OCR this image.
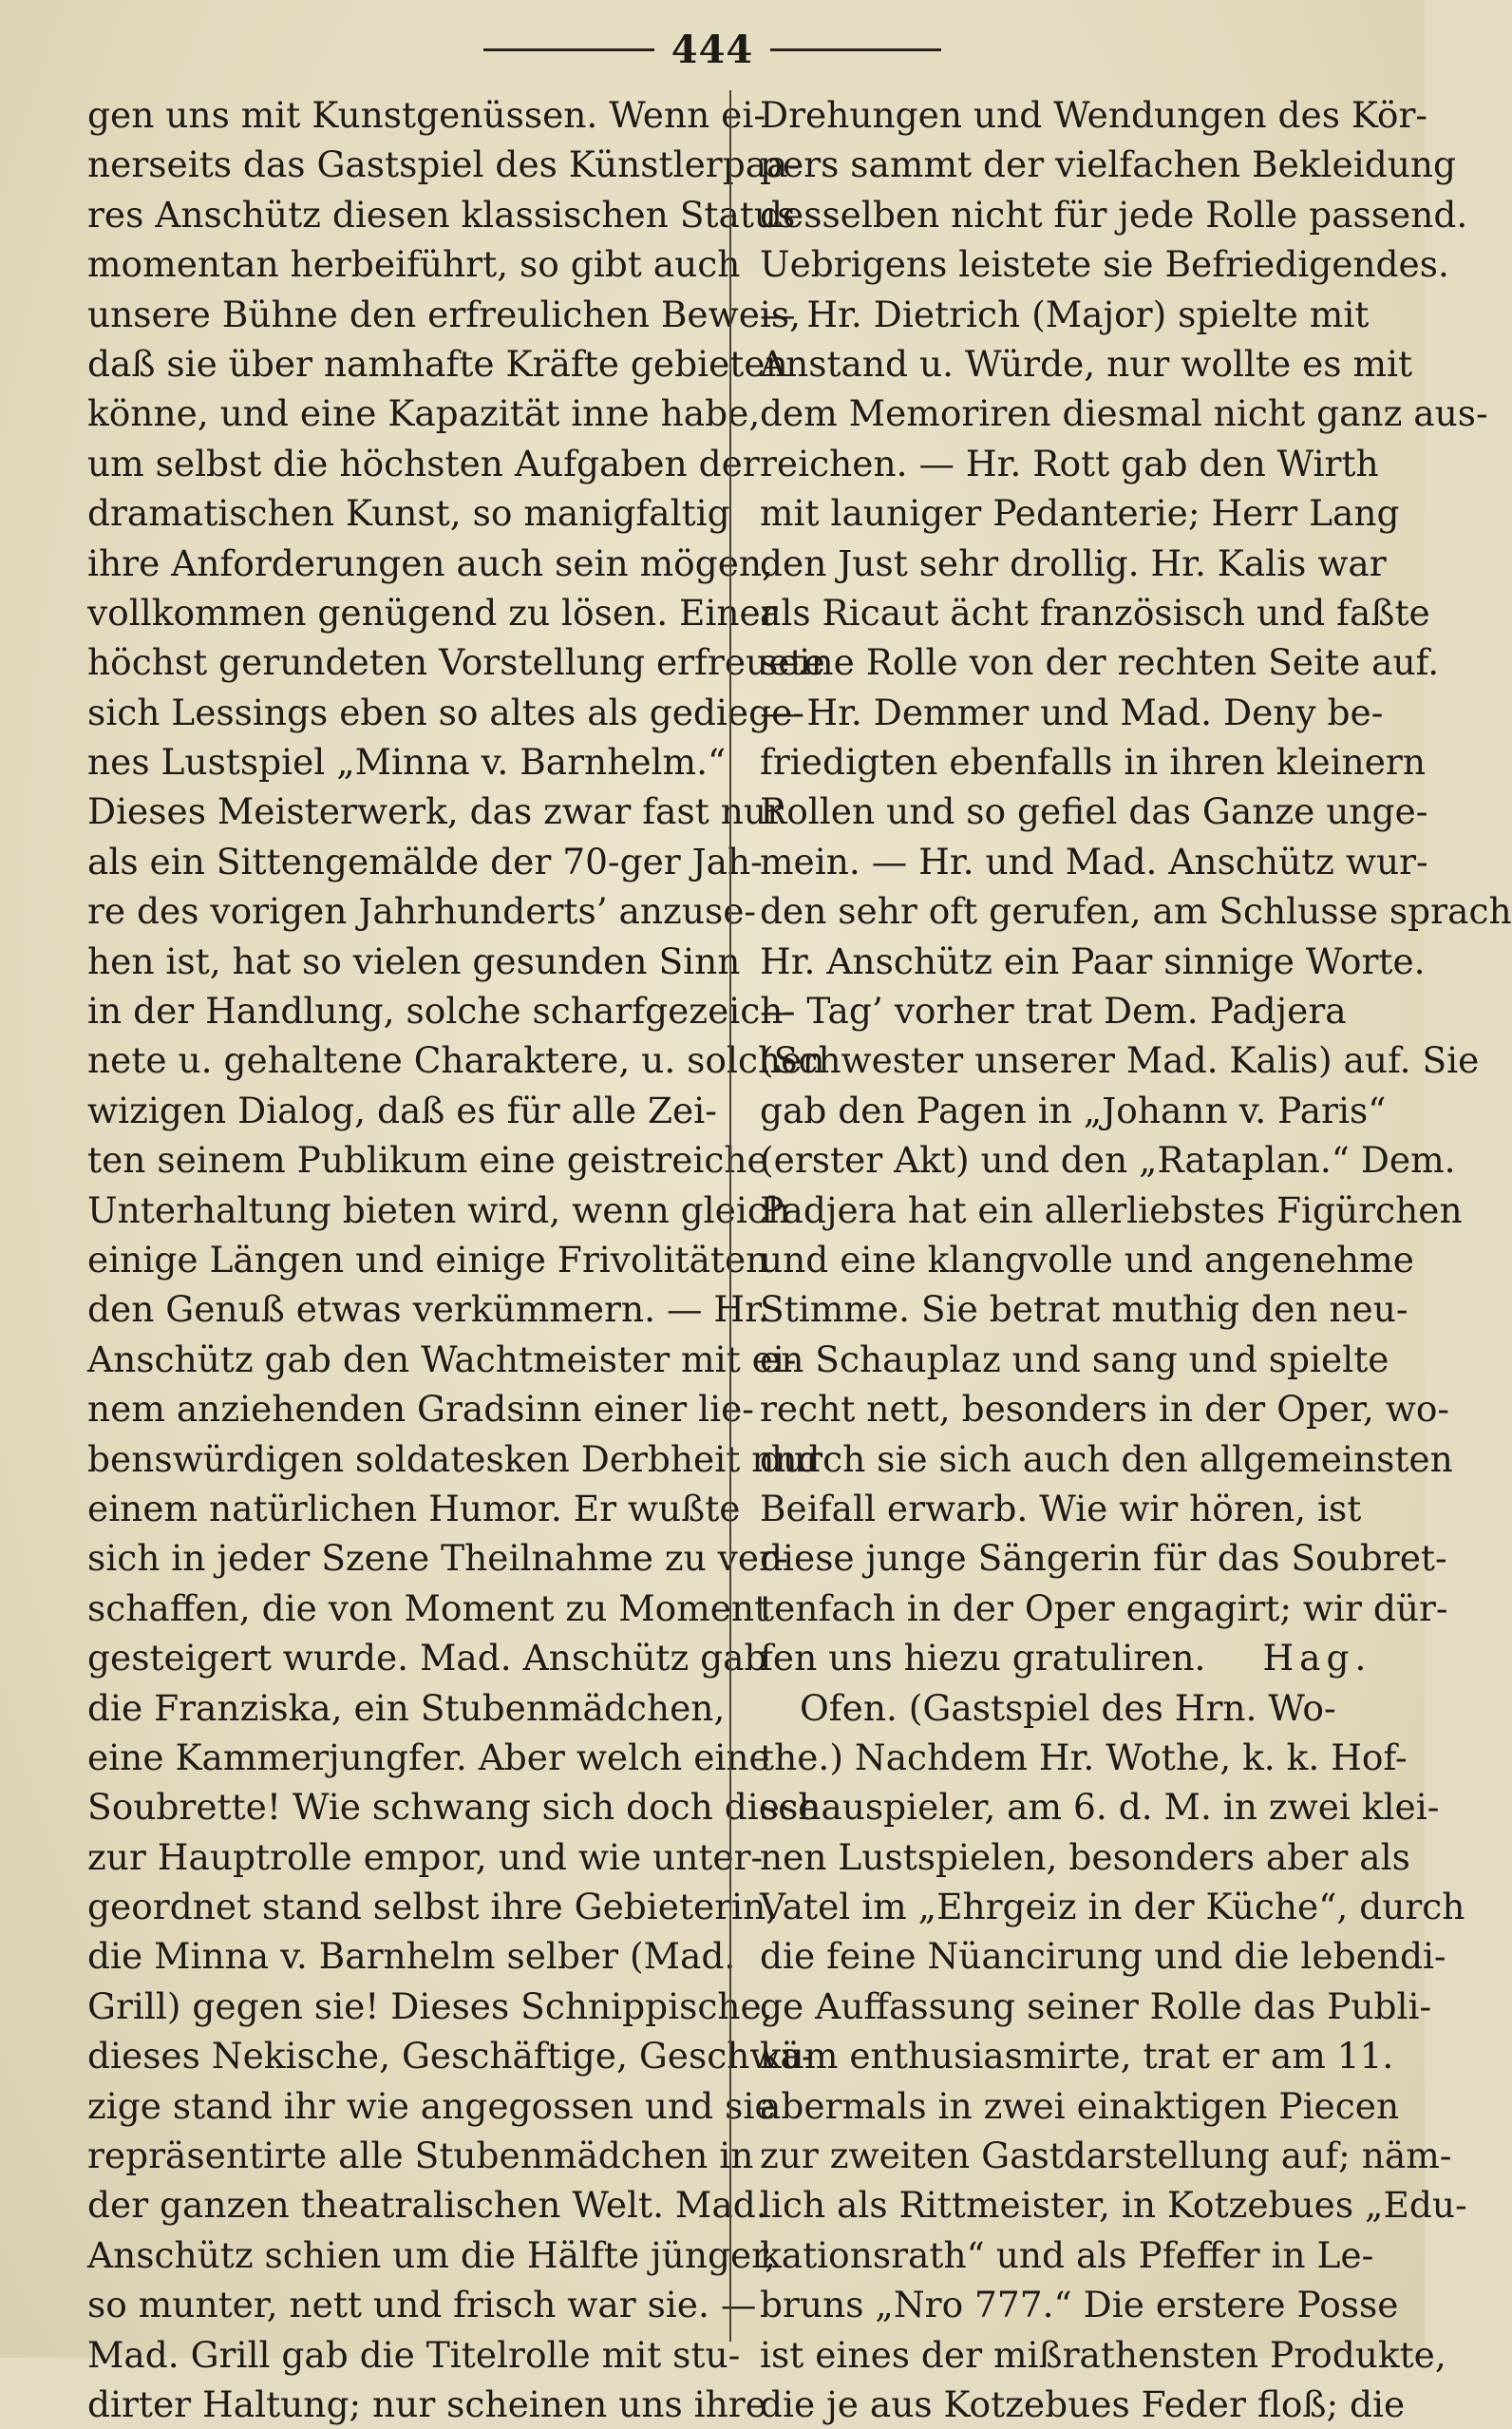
444
gen uns mit Kunstgenüssen. Wenn ei-
nerseits das Gastspiel des Künstlerpaa-
res Anschütz diesen klassischen Status
momentan herbeiführt, so gibt auch
unsere Bühne den erfreulichen Beweis,
daß sie über namhafte Kräfte gebieten
könne, und eine Kapazität inne habe,
um selbst die höchsten Aufgaben der
dramatischen Kunst, so manigfaltig
ihre Anforderungen auch sein mögen,
vollkommen genügend zu lösen. Einer
höchst gerundeten Vorstellung erfreuete
sich Lessings eben so altes als gediege-
nes Lustspiel „Minna v. Barnhelm.“
Dieses Meisterwerk, das zwar fast nur
als ein Sittengemälde der 70-ger Jah-
re des vorigen Jahrhunderts’ anzuse-
hen ist, hat so vielen gesunden Sinn
in der Handlung, solche scharfgezeich-
nete u. gehaltene Charaktere, u. solchen
wizigen Dialog, daß es für alle Zei-
ten seinem Publikum eine geistreiche
Unterhaltung bieten wird, wenn gleich
einige Längen und einige Frivolitäten
den Genuß etwas verkümmern. — Hr.
Anschütz gab den Wachtmeister mit ei-
nem anziehenden Gradsinn einer lie-
benswürdigen soldatesken Derbheit nnd
einem natürlichen Humor. Er wußte
sich in jeder Szene Theilnahme zu ver-
schaffen, die von Moment zu Moment
gesteigert wurde. Mad. Anschütz gab
die Franziska, ein Stubenmädchen,
eine Kammerjungfer. Aber welch eine
Soubrette! Wie schwang sich doch diese
zur Hauptrolle empor, und wie unter-
geordnet stand selbst ihre Gebieterin,
die Minna v. Barnhelm selber (Mad.
Grill) gegen sie! Dieses Schnippische,
dieses Nekische, Geschäftige, Geschwä-
zige stand ihr wie angegossen und sie
repräsentirte alle Stubenmädchen in
der ganzen theatralischen Welt. Mad.
Anschütz schien um die Hälfte jünger,
so munter, nett und frisch war sie. —
Mad. Grill gab die Titelrolle mit stu-
dirter Haltung; nur scheinen uns ihre
Drehungen und Wendungen des Kör-
pers sammt der vielfachen Bekleidung
desselben nicht für jede Rolle passend.
Uebrigens leistete sie Befriedigendes.
— Hr. Dietrich (Major) spielte mit
Anstand u. Würde, nur wollte es mit
dem Memoriren diesmal nicht ganz aus-
reichen. — Hr. Rott gab den Wirth
mit launiger Pedanterie; Herr Lang
den Just sehr drollig. Hr. Kalis war
als Ricaut ächt französisch und faßte
seine Rolle von der rechten Seite auf.
— Hr. Demmer und Mad. Deny be-
friedigten ebenfalls in ihren kleinern
Rollen und so gefiel das Ganze unge-
mein. — Hr. und Mad. Anschütz wur-
den sehr oft gerufen, am Schlusse sprach
Hr. Anschütz ein Paar sinnige Worte.
— Tag’ vorher trat Dem. Padjera
(Schwester unserer Mad. Kalis) auf. Sie
gab den Pagen in „Johann v. Paris“
(erster Akt) und den „Rataplan.“ Dem.
Padjera hat ein allerliebstes Figürchen
und eine klangvolle und angenehme
Stimme. Sie betrat muthig den neu-
en Schauplaz und sang und spielte
recht nett, besonders in der Oper, wo-
durch sie sich auch den allgemeinsten
Beifall erwarb. Wie wir hören, ist
diese junge Sängerin für das Soubret-
tenfach in der Oper engagirt; wir dür-
fen uns hiezu gratuliren. Hag.
Ofen. (Gastspiel des Hrn. Wo-
the.) Nachdem Hr. Wothe, k. k. Hof-
schauspieler, am 6. d. M. in zwei klei-
nen Lustspielen, besonders aber als
Vatel im „Ehrgeiz in der Küche“, durch
die feine Nüancirung und die lebendi-
ge Auffassung seiner Rolle das Publi-
kum enthusiasmirte, trat er am 11.
abermals in zwei einaktigen Piecen
zur zweiten Gastdarstellung auf; näm-
lich als Rittmeister, in Kotzebues „Edu-
kationsrath“ und als Pfeffer in Le-
bruns „Nro 777.“ Die erstere Posse
ist eines der mißrathensten Produkte,
die je aus Kotzebues Feder floß; die
